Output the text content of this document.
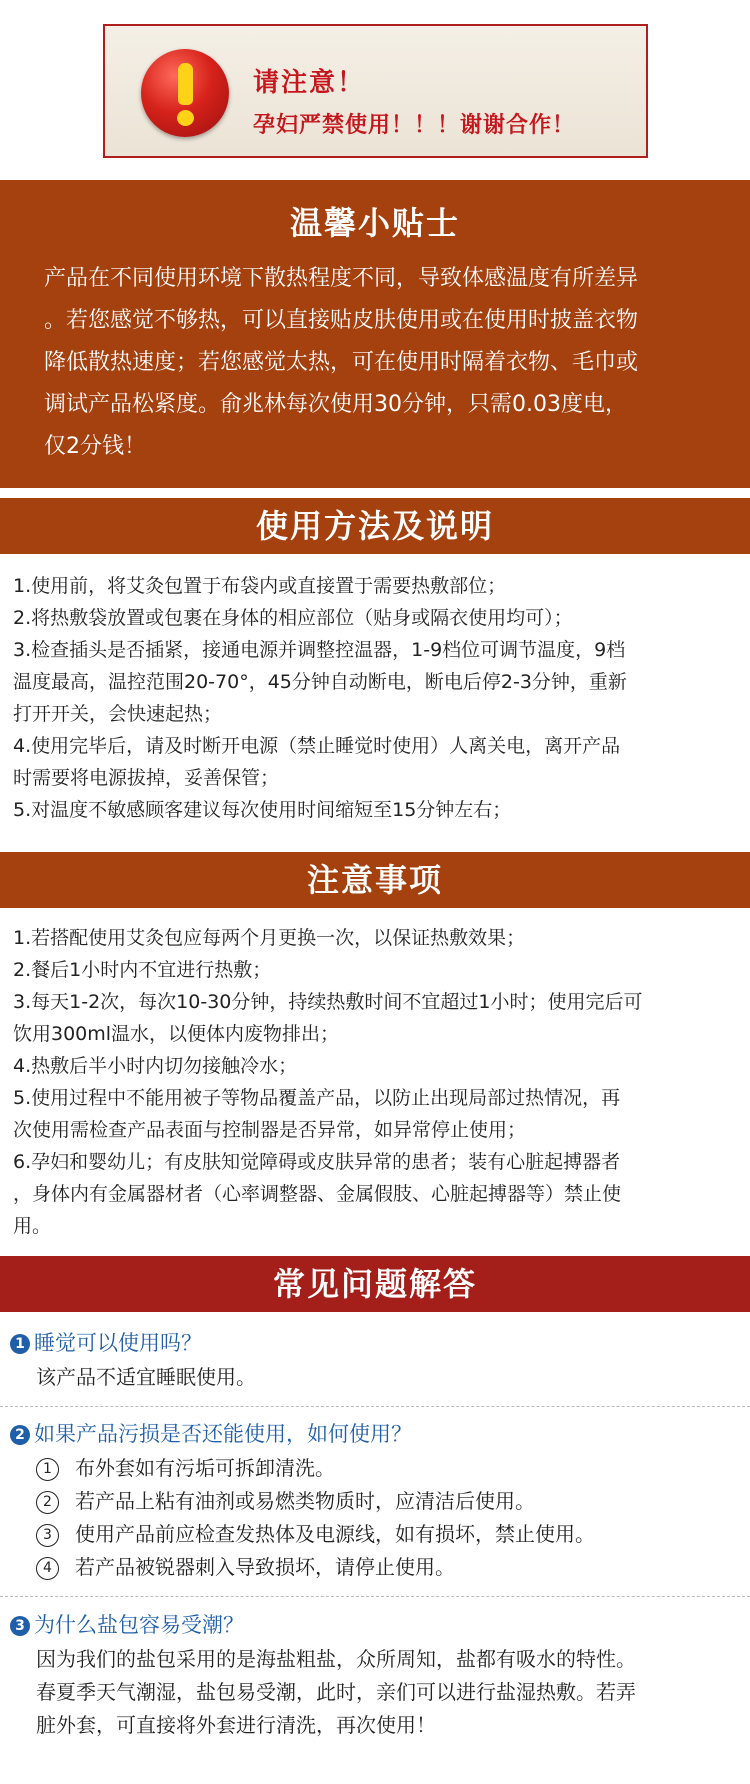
请注意！
孕妇严禁使用！！！谢谢合作！
温馨小贴士
产品在不同使用环境下散热程度不同，导致体感温度有所差异
。若您感觉不够热，可以直接贴皮肤使用或在使用时披盖衣物
降低散热速度；若您感觉太热，可在使用时隔着衣物、毛巾或
调试产品松紧度。俞兆林每次使用30分钟，只需0.03度电，
仅2分钱！
使用方法及说明

1.使用前，将艾灸包置于布袋内或直接置于需要热敷部位；

2.将热敷袋放置或包裹在身体的相应部位（贴身或隔衣使用均可）；

3.检查插头是否插紧，接通电源并调整控温器，1-9档位可调节温度，9档

温度最高，温控范围20-70°，45分钟自动断电，断电后停2-3分钟，重新

打开开关，会快速起热；

4.使用完毕后，请及时断开电源（禁止睡觉时使用）人离关电，离开产品

时需要将电源拔掉，妥善保管；

5.对温度不敏感顾客建议每次使用时间缩短至15分钟左右；

注意事项

1.若搭配使用艾灸包应每两个月更换一次，以保证热敷效果；

2.餐后1小时内不宜进行热敷；

3.每天1-2次，每次10-30分钟，持续热敷时间不宜超过1小时；使用完后可

饮用300ml温水，以便体内废物排出；

4.热敷后半小时内切勿接触冷水；

5.使用过程中不能用被子等物品覆盖产品，以防止出现局部过热情况，再

次使用需检查产品表面与控制器是否异常，如异常停止使用；

6.孕妇和婴幼儿；有皮肤知觉障碍或皮肤异常的患者；装有心脏起搏器者

，身体内有金属器材者（心率调整器、金属假肢、心脏起搏器等）禁止使

用。

常见问题解答
1 睡觉可以使用吗？

该产品不适宜睡眠使用。

2 如果产品污损是否还能使用，如何使用？
1	布外套如有污垢可拆卸清洗。
2	若产品上粘有油剂或易燃类物质时，应清洁后使用。
3	使用产品前应检查发热体及电源线，如有损坏，禁止使用。
4	若产品被锐器刺入导致损坏，请停止使用。
3 为什么盐包容易受潮？

因为我们的盐包采用的是海盐粗盐，众所周知，盐都有吸水的特性。

春夏季天气潮湿，盐包易受潮，此时，亲们可以进行盐湿热敷。若弄

脏外套，可直接将外套进行清洗，再次使用！
